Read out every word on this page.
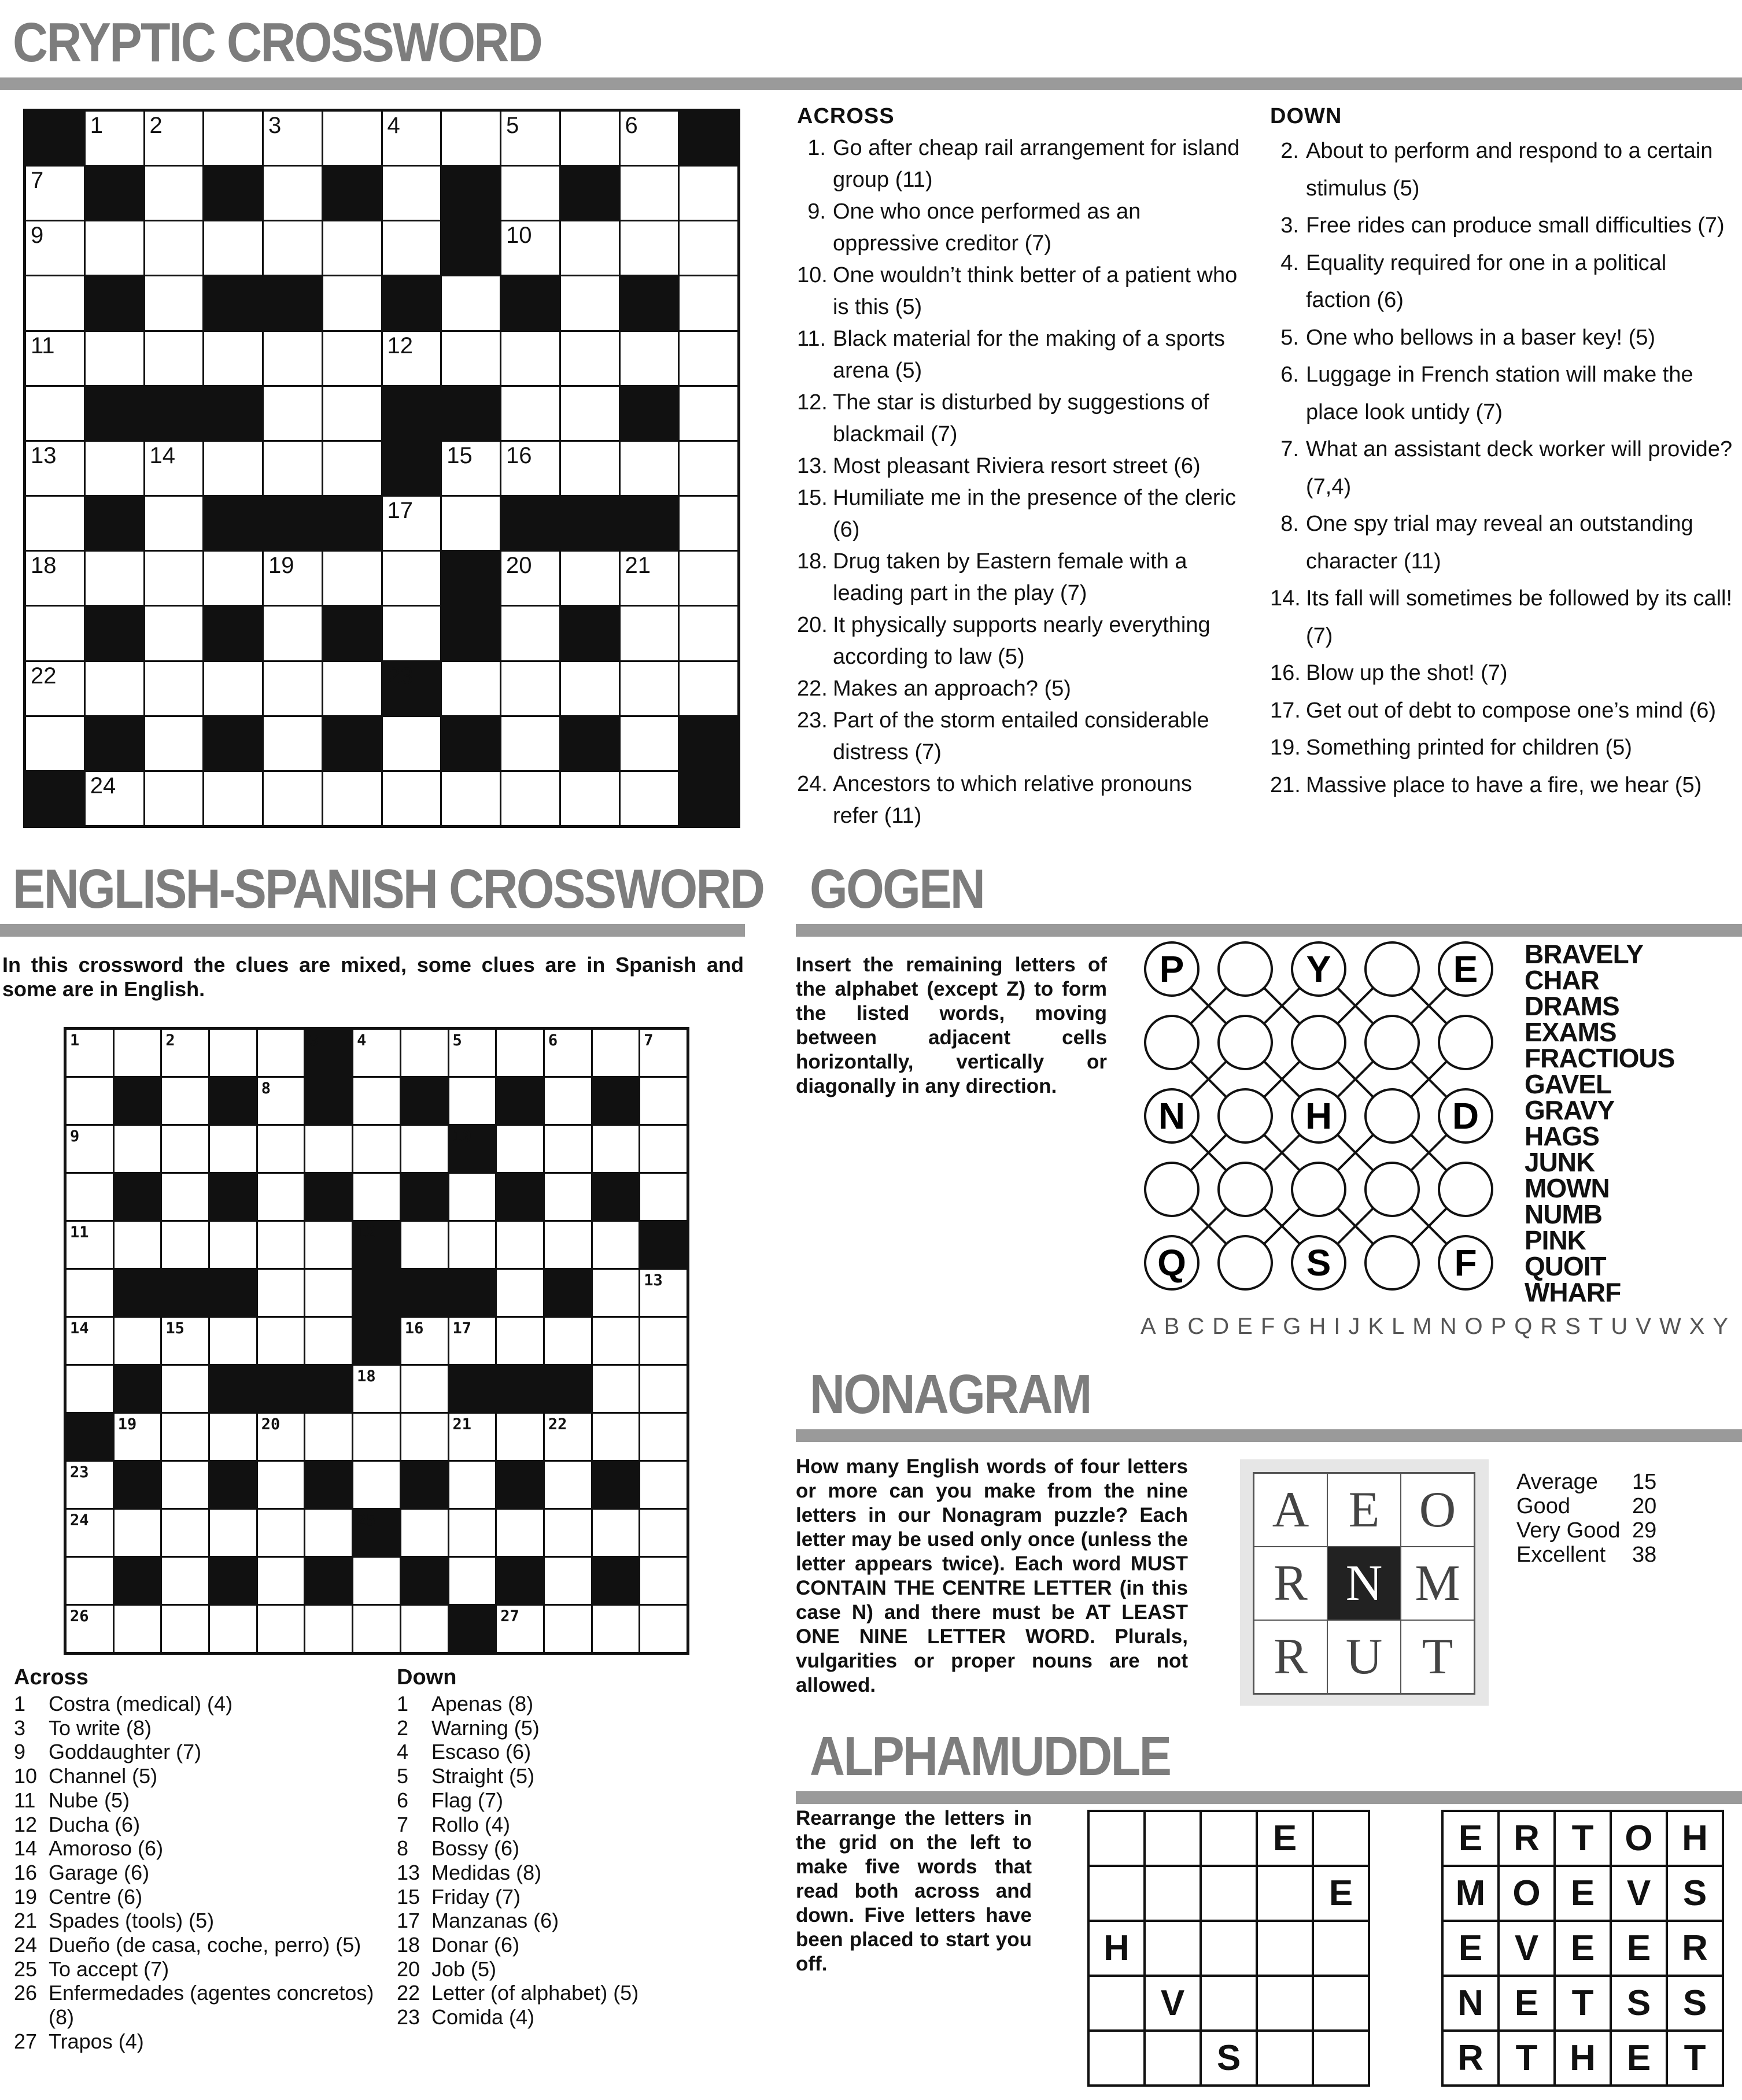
CRYPTIC CROSSWORD
1 2	3	4	5	6
7
9	10
11	12
13	14	15 16
17
18	19	20	21
22	23
24
ACROSS
1. Go after cheap rail arrangement for island group (11)
9. One who once performed as an oppressive creditor (7)
10. One wouldn’t think better of a patient who is this (5)
11. Black material for the making of a sports arena (5)
12. The star is disturbed by suggestions of blackmail (7)
13. Most pleasant Riviera resort street (6)
15. Humiliate me in the presence of the cleric (6)
18. Drug taken by Eastern female with a leading part in the play (7)
20. It physically supports nearly everything according to law (5)
22. Makes an approach? (5)
23. Part of the storm entailed considerable distress (7)
24. Ancestors to which relative pronouns refer (11)
DOWN
2. About to perform and respond to a certain stimulus (5)
3. Free rides can produce small difficulties (7)
4. Equality required for one in a political faction (6)
5. One who bellows in a baser key! (5)
6. Luggage in French station will make the place look untidy (7)
7. What an assistant deck worker will provide? (7,4)
8. One spy trial may reveal an outstanding character (11)
14. Its fall will sometimes be followed by its call! (7)
16. Blow up the shot! (7)
17. Get out of debt to compose one’s mind (6)
19. Something printed for children (5)
21. Massive place to have a fire, we hear (5)
ENGLISH-SPANISH CROSSWORD
In this crossword the clues are mixed, some clues are in Spanish and some are in English.
1	2	3 4	5	6	7
8
9	10
11	12
13
14	15	16 17
18
19	20	21	22
23
24	25
26	27
Across
1	Costra (medical) (4)
3	To write (8)
9	Goddaughter (7)
10 Channel (5)
11 Nube (5)
12 Ducha (6)
14 Amoroso (6)
16 Garage (6)
19 Centre (6)
21 Spades (tools) (5)
24 Dueño (de casa, coche, perro) (5)
25 To accept (7)
26 Enfermedades (agentes concretos) (8)
27 Trapos (4)
Down
1	Apenas (8)
2	Warning (5)
4	Escaso (6)
5	Straight (5)
6	Flag (7)
7	Rollo (4)
8	Bossy (6)
13 Medidas (8)
15 Friday (7)
17 Manzanas (6)
18 Donar (6)
20 Job (5)
22 Letter (of alphabet) (5)
23 Comida (4)
GOGEN
Insert the remaining letters of the alphabet (except Z) to form the listed words, moving between adjacent cells horizontally, vertically or diagonally in any direction.
P	Y	E
N	H	D
Q	S	F
BRAVELY
CHAR
DRAMS
EXAMS
FRACTIOUS
GAVEL
GRAVY
HAGS
JUNK
MOWN
NUMB
PINK
QUOIT
WHARF
ABCDEFGHIJKLMNOPQRSTUVWXY
NONAGRAM
How many English words of four letters or more can you make from the nine letters in our Nonagram puzzle? Each letter may be used only once (unless the letter appears twice). Each word MUST CONTAIN THE CENTRE LETTER (in this case N) and there must be AT LEAST ONE NINE LETTER WORD. Plurals, vulgarities or proper nouns are not allowed.
A E O
R N M
R U T
Average	15
Good	20
Very Good 29
Excellent	38
ALPHAMUDDLE
Rearrange the letters in the grid on the left to make five words that read both across and down. Five letters have been placed to start you off.
E
E
H
V
S
E R T O H
M O E V S
E V E E R
N E T S S
R T H E T
